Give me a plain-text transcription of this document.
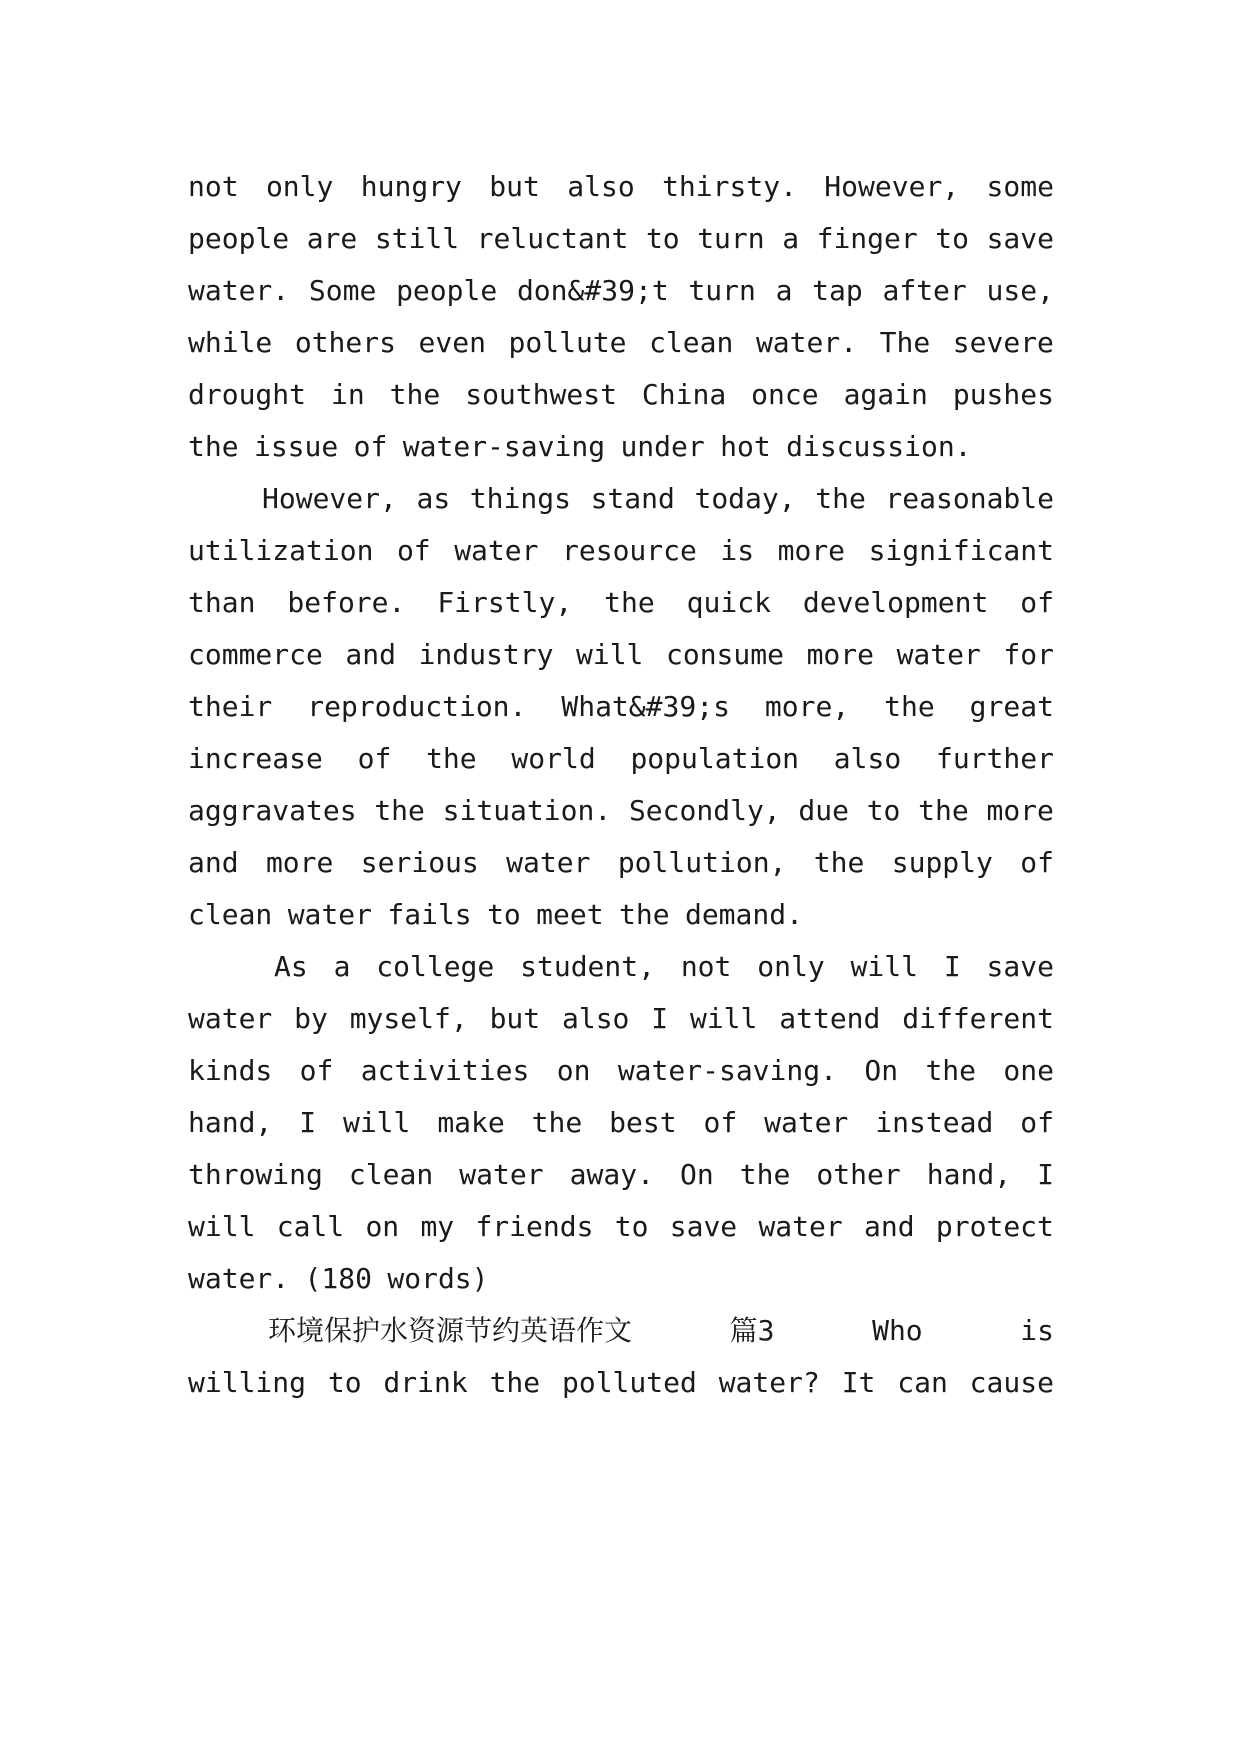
not only hungry but also thirsty. However, some
people are still reluctant to turn a finger to save
water. Some people don&#39;t turn a tap after use,
while others even pollute clean water. The severe
drought in the southwest China once again pushes
the issue of water-saving under hot discussion.
However, as things stand today, the reasonable
utilization of water resource is more significant
than before. Firstly, the quick development of
commerce and industry will consume more water for
their reproduction. What&#39;s more, the great
increase of the world population also further
aggravates the situation. Secondly, due to the more
and more serious water pollution, the supply of
clean water fails to meet the demand.
As a college student, not only will I save
water by myself, but also I will attend different
kinds of activities on water-saving. On the one
hand, I will make the best of water instead of
throwing clean water away. On the other hand, I
will call on my friends to save water and protect
water. (180 words)
环境保护水资源节约英语作文	篇3	Who	is
willing to drink the polluted water? It can cause
